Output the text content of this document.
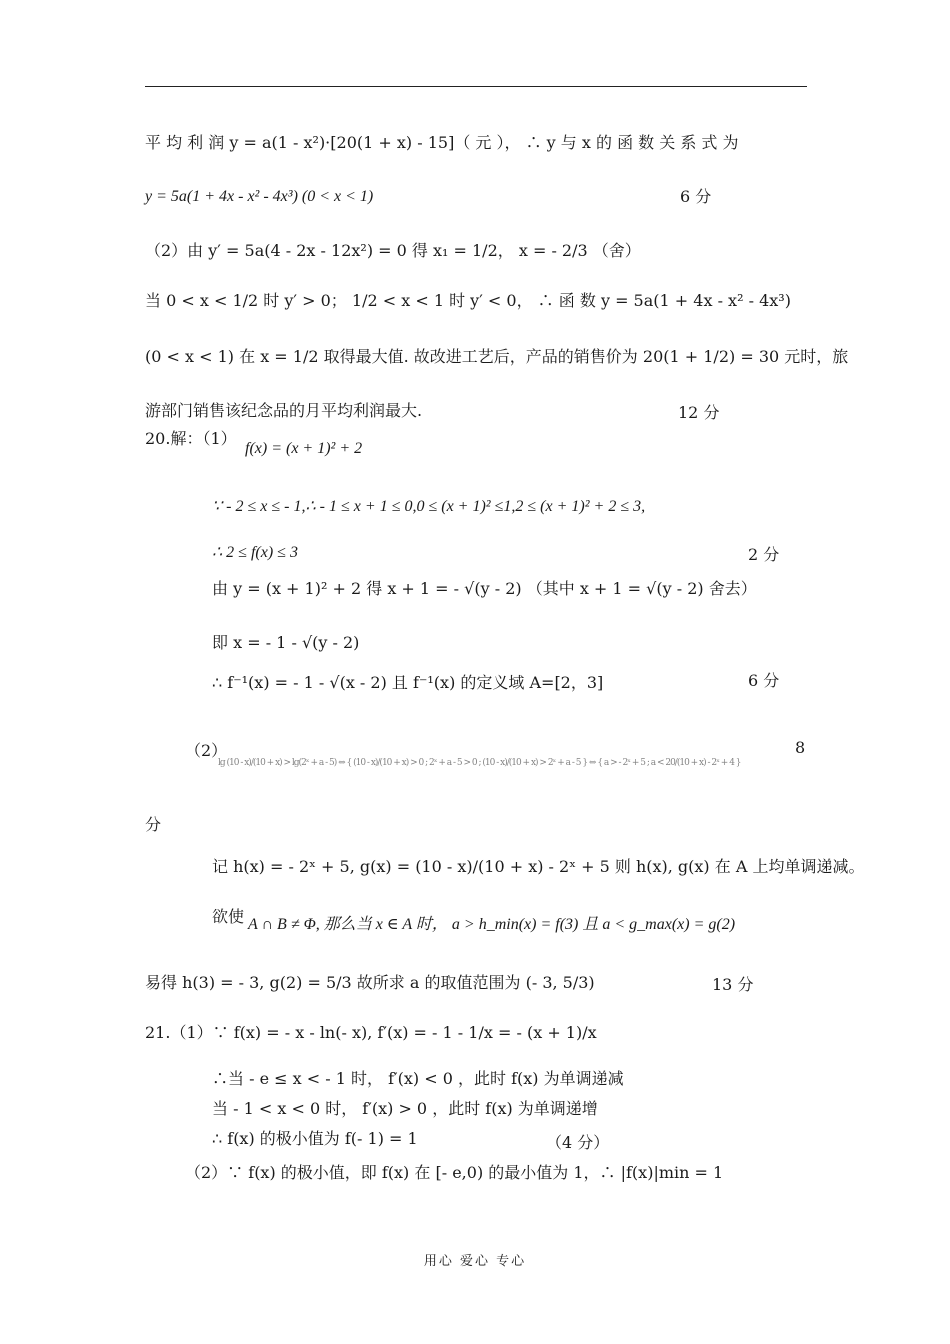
平 均 利 润 y = a(1 - x²)·[20(1 + x) - 15]（ 元 ）， ∴ y 与 x 的 函 数 关 系 式 为
y = 5a(1 + 4x - x² - 4x³) (0 < x < 1)	6 分
（2）由 y′ = 5a(4 - 2x - 12x²) = 0 得 x₁ = 1/2， x = - 2/3 （舍）
当 0 < x < 1/2 时 y′ > 0； 1/2 < x < 1 时 y′ < 0， ∴ 函 数 y = 5a(1 + 4x - x² - 4x³)
(0 < x < 1) 在 x = 1/2 取得最大值. 故改进工艺后，产品的销售价为 20(1 + 1/2) = 30 元时，旅
游部门销售该纪念品的月平均利润最大.	12 分
20.解：（1）
f(x) = (x + 1)² + 2
∵ - 2 ≤ x ≤ - 1,∴ - 1 ≤ x + 1 ≤ 0,0 ≤ (x + 1)² ≤1,2 ≤ (x + 1)² + 2 ≤ 3,
∴ 2 ≤ f(x) ≤ 3	2 分
由 y = (x + 1)² + 2 得 x + 1 = - √(y - 2) （其中 x + 1 = √(y - 2) 舍去）
即 x = - 1 - √(y - 2)
∴ f⁻¹(x) = - 1 - √(x - 2) 且 f⁻¹(x) 的定义域 A=[2，3]	6 分
（2）
lg (10 - x)/(10 + x) > lg(2ˣ + a - 5) ⇔ { (10 - x)/(10 + x) > 0 ; 2ˣ + a - 5 > 0 ; (10 - x)/(10 + x) > 2ˣ + a - 5 } ⇔ { a > - 2ˣ + 5 ; a < 20/(10 + x) - 2ˣ + 4 }
8
分
记 h(x) = - 2ˣ + 5, g(x) = (10 - x)/(10 + x) - 2ˣ + 5 则 h(x), g(x) 在 A 上均单调递减。
欲使 A ∩ B ≠ Φ, 那么当 x ∈ A 时， a > h_min(x) = f(3) 且 a < g_max(x) = g(2)
易得 h(3) = - 3, g(2) = 5/3 故所求 a 的取值范围为 (- 3, 5/3)	13 分
21.（1）∵ f(x) = - x - ln(- x), f′(x) = - 1 - 1/x = - (x + 1)/x
∴当 - e ≤ x < - 1 时， f′(x) < 0 ，此时 f(x) 为单调递减
当 - 1 < x < 0 时， f′(x) > 0 ，此时 f(x) 为单调递增
∴ f(x) 的极小值为 f(- 1) = 1	（4 分）
（2）∵ f(x) 的极小值，即 f(x) 在 [- e,0) 的最小值为 1，∴ |f(x)|min = 1
用心 爱心 专心
